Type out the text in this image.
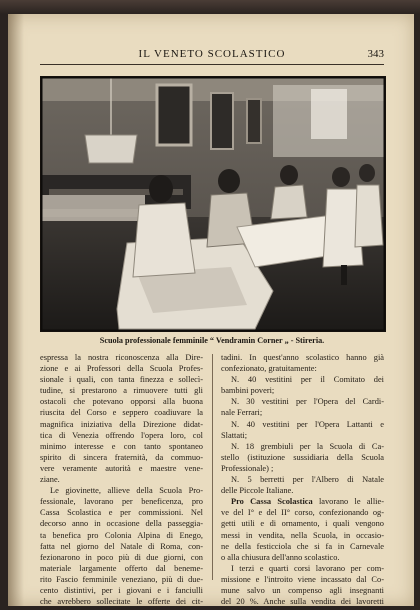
IL VENETO SCOLASTICO	343
Scuola professionale femminile “ Vendramin Corner „ - Stireria.
espressa la nostra riconoscenza alla Dire-
zione e ai Professori della Scuola Profes-
sionale i quali, con tanta finezza e sollecì-
tudine, si prestarono a rimuovere tutti gli
ostacoli che potevano opporsi alla buona
riuscita del Corso e seppero coadiuvare la
magnifica iniziativa della Direzione didat-
tica di Venezia offrendo l'opera loro, col
minimo interesse e con tanto spontaneo
spirito di sincera fraternità, da commuo-
vere veramente autorità e maestre vene-
ziane.
Le giovinette, allieve della Scuola Pro-
fessionale, lavorano per beneficenza, pro
Cassa Scolastica e per commissioni. Nel
decorso anno in occasione della passeggia-
ta benefica pro Colonia Alpina di Enego,
fatta nel giorno del Natale di Roma, con-
fezionarono in poco più di due giorni, con
materiale largamente offerto dal beneme-
rito Fascio femminile veneziano, più di due-
cento distintivi, per i giovani e i fanciulli
che avrebbero sollecitate le offerte dei cit-
tadini. In quest'anno scolastico hanno già
confezionato, gratuitamente:
N. 40 vestitini per il Comitato dei
bambini poveri;
N. 30 vestitini per l'Opera del Cardi-
nale Ferrari;
N. 40 vestitini per l'Opera Lattanti e
Slattati;
N. 18 grembiuli per la Scuola di Ca-
stello (istituzione sussidiaria della Scuola
Professionale) ;
N. 5 berretti per l'Albero di Natale
delle Piccole Italiane.
Pro Cassa Scolastica lavorano le allie-
ve del I° e del II° corso, confezionando og-
getti utili e di ornamento, i quali vengono
messi in vendita, nella Scuola, in occasio-
ne della festicciola che si fa in Carnevale
o alla chiusura dell'anno scolastico.
I terzi e quarti corsi lavorano per com-
missione e l'introito viene incassato dal Co-
mune salvo un compenso agli insegnanti
del 20 %. Anche sulla vendita dei lavoretti
